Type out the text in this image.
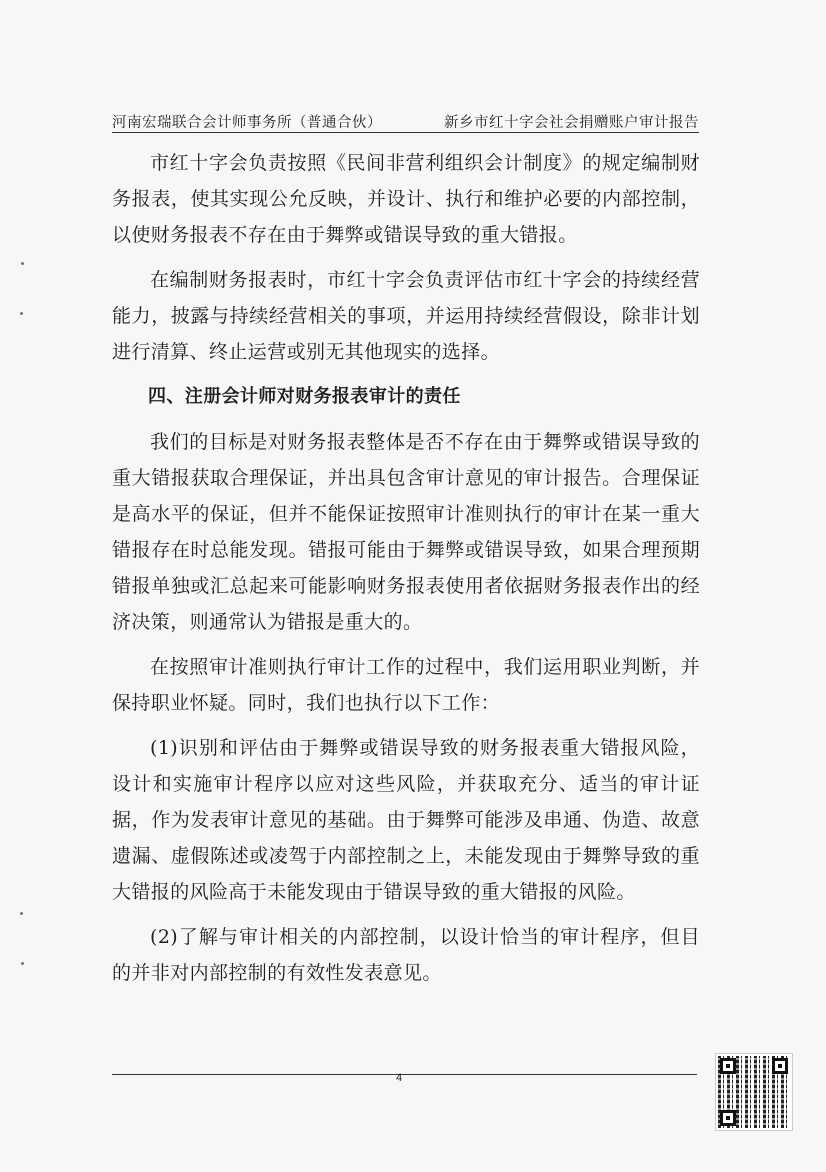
河南宏瑞联合会计师事务所（普通合伙）	新乡市红十字会社会捐赠账户审计报告

市红十字会负责按照《民间非营利组织会计制度》的规定编制财务报表，使其实现公允反映，并设计、执行和维护必要的内部控制，以使财务报表不存在由于舞弊或错误导致的重大错报。

在编制财务报表时，市红十字会负责评估市红十字会的持续经营能力，披露与持续经营相关的事项，并运用持续经营假设，除非计划进行清算、终止运营或别无其他现实的选择。

四、注册会计师对财务报表审计的责任

我们的目标是对财务报表整体是否不存在由于舞弊或错误导致的重大错报获取合理保证，并出具包含审计意见的审计报告。合理保证是高水平的保证，但并不能保证按照审计准则执行的审计在某一重大错报存在时总能发现。错报可能由于舞弊或错误导致，如果合理预期错报单独或汇总起来可能影响财务报表使用者依据财务报表作出的经济决策，则通常认为错报是重大的。

在按照审计准则执行审计工作的过程中，我们运用职业判断，并保持职业怀疑。同时，我们也执行以下工作：

(1)识别和评估由于舞弊或错误导致的财务报表重大错报风险，设计和实施审计程序以应对这些风险，并获取充分、适当的审计证据，作为发表审计意见的基础。由于舞弊可能涉及串通、伪造、故意遗漏、虚假陈述或凌驾于内部控制之上，未能发现由于舞弊导致的重大错报的风险高于未能发现由于错误导致的重大错报的风险。

(2)了解与审计相关的内部控制，以设计恰当的审计程序，但目的并非对内部控制的有效性发表意见。

4
